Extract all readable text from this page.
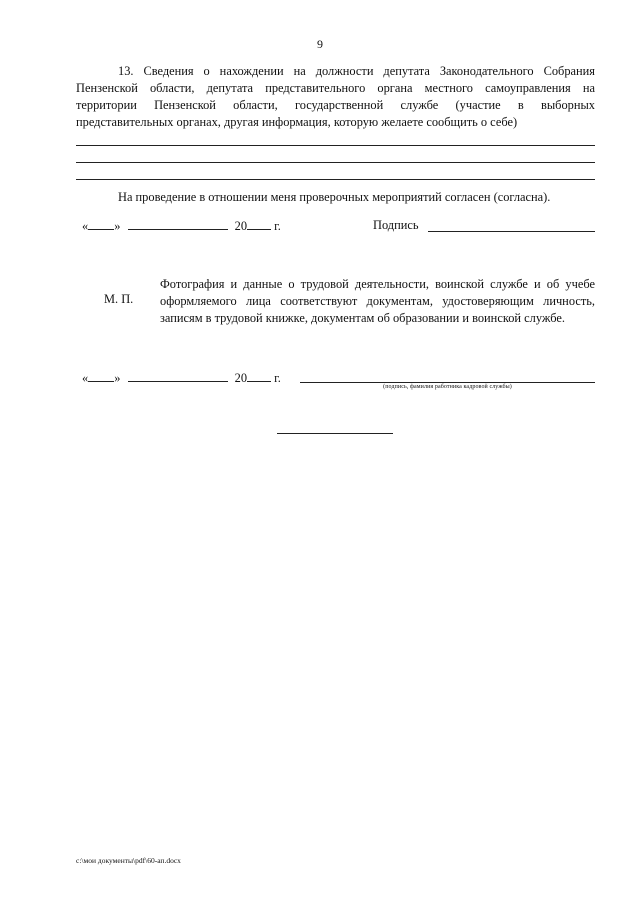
9

13. Сведения о нахождении на должности депутата Законодательного Собрания Пензенской области, депутата представительного органа местного самоуправления на территории Пензенской области, государственной службе (участие в выборных представительных органах, другая информация, которую желаете сообщить о себе)

На проведение в отношении меня проверочных мероприятий согласен (согласна).

« »	20 г.	Подпись
М. П.

Фотография и данные о трудовой деятельности, воинской службе и об учебе оформляемого лица соответствуют документам, удостоверяющим личность, записям в трудовой книжке, документам об образовании и воинской службе.

« »	20 г.
(подпись, фамилия работника кадровой службы)
c:\мои документы\pdf\60-ап.docx
